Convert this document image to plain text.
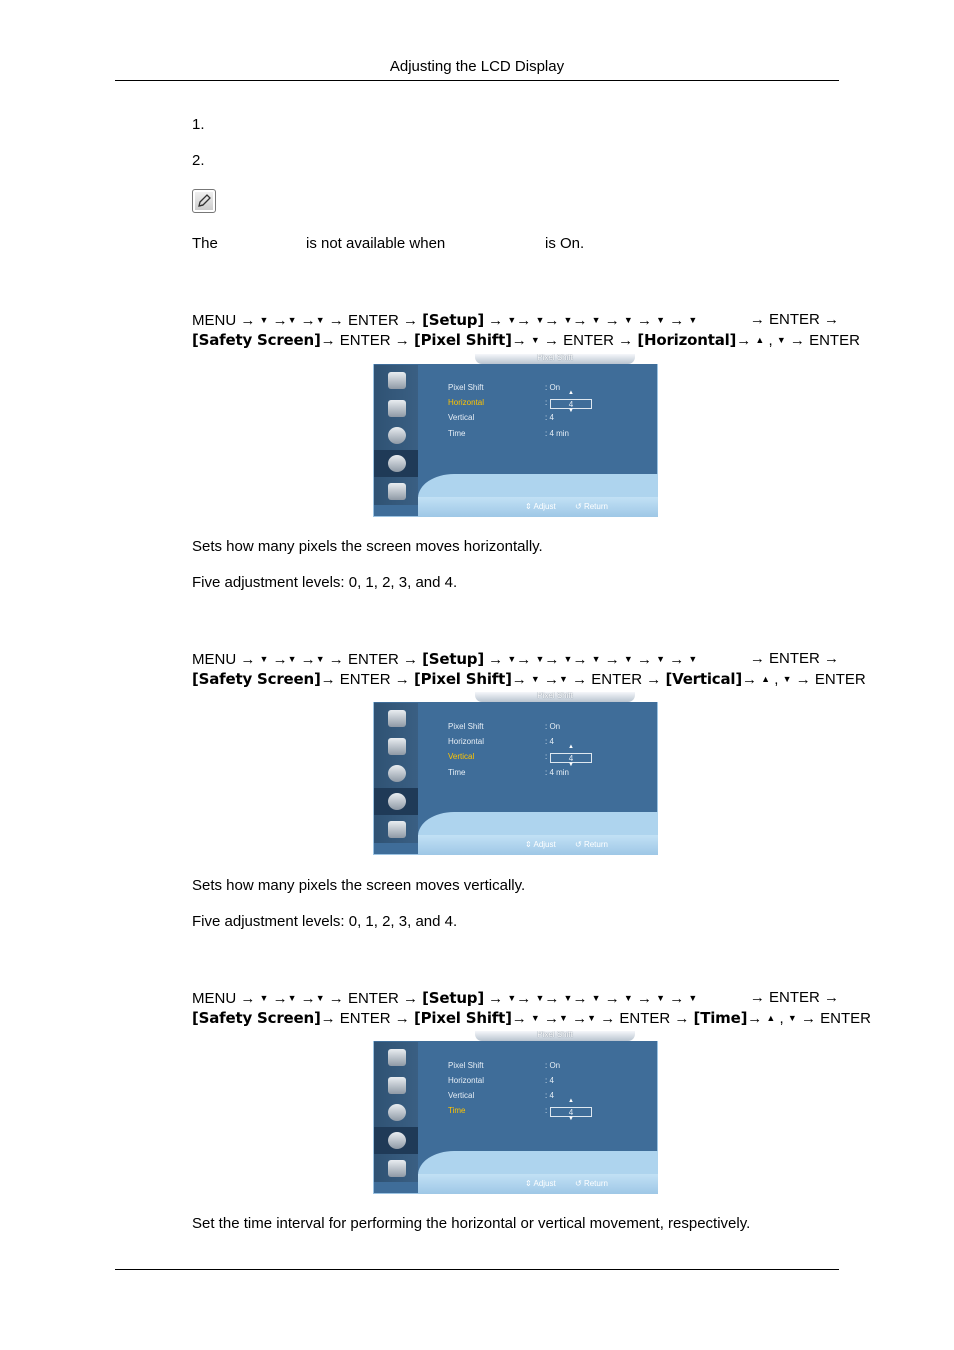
Adjusting the LCD Display
1.
2.
The	is not available when	is On.
MENU → ▼ →▼ →▼ → ENTER → [Setup] → ▼→ ▼→ ▼→ ▼ → ▼ → ▼ → ▼	→ ENTER →
[Safety Screen]→ ENTER → [Pixel Shift]→ ▼ → ENTER → [Horizontal]→ ▲ , ▼ → ENTER
Pixel Shift
Pixel Shift	: On
Horizontal	:
▲
4
▼
Vertical	: 4
Time	: 4 min
⇕ Adjust ↺ Return
Sets how many pixels the screen moves horizontally.
Five adjustment levels: 0, 1, 2, 3, and 4.
MENU → ▼ →▼ →▼ → ENTER → [Setup] → ▼→ ▼→ ▼→ ▼ → ▼ → ▼ → ▼	→ ENTER →
[Safety Screen]→ ENTER → [Pixel Shift]→ ▼ →▼ → ENTER → [Vertical]→ ▲ , ▼ → ENTER
Pixel Shift
Pixel Shift	: On
Horizontal	: 4
Vertical	:
▲
4
▼
Time	: 4 min
⇕ Adjust ↺ Return
Sets how many pixels the screen moves vertically.
Five adjustment levels: 0, 1, 2, 3, and 4.
MENU → ▼ →▼ →▼ → ENTER → [Setup] → ▼→ ▼→ ▼→ ▼ → ▼ → ▼ → ▼	→ ENTER →
[Safety Screen]→ ENTER → [Pixel Shift]→ ▼ →▼ →▼ → ENTER → [Time]→ ▲ , ▼ → ENTER
Pixel Shift
Pixel Shift	: On
Horizontal	: 4
Vertical	: 4
Time	:
▲
4
▼
⇕ Adjust ↺ Return
Set the time interval for performing the horizontal or vertical movement, respectively.
